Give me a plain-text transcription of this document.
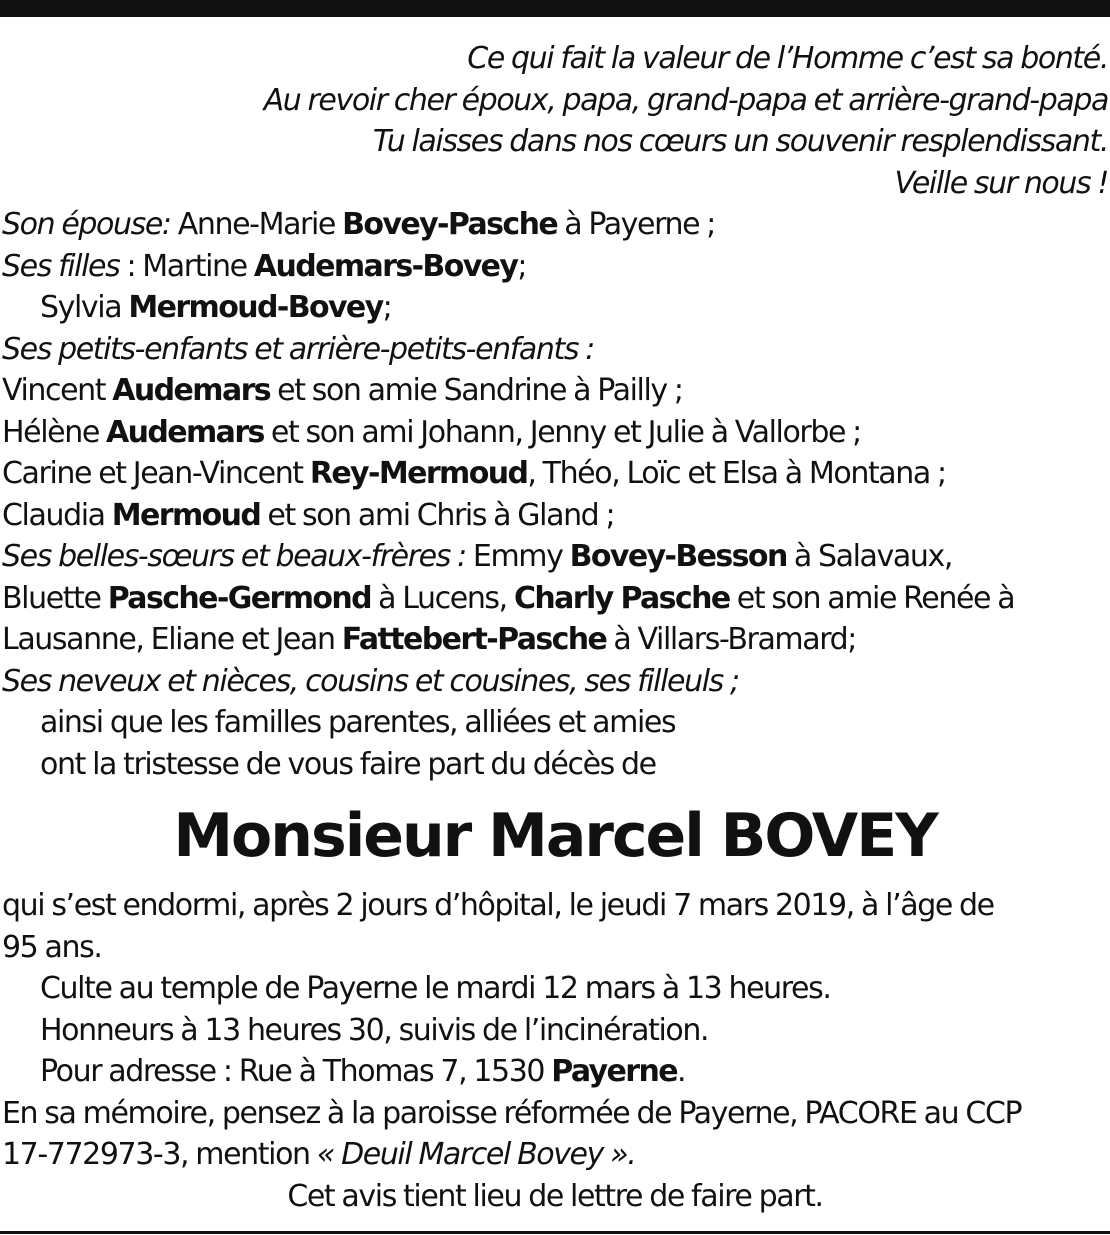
Ce qui fait la valeur de l’Homme c’est sa bonté.

Au revoir cher époux, papa, grand-papa et arrière-grand-papa

Tu laisses dans nos cœurs un souvenir resplendissant.

Veille sur nous !

Son épouse: Anne-Marie Bovey-Pasche à Payerne ;

Ses filles : Martine Audemars-Bovey;

Sylvia Mermoud-Bovey;

Ses petits-enfants et arrière-petits-enfants :

Vincent Audemars et son amie Sandrine à Pailly ;

Hélène Audemars et son ami Johann, Jenny et Julie à Vallorbe ;

Carine et Jean-Vincent Rey-Mermoud, Théo, Loïc et Elsa à Montana ;

Claudia Mermoud et son ami Chris à Gland ;

Ses belles-sœurs et beaux-frères : Emmy Bovey-Besson à Salavaux,

Bluette Pasche-Germond à Lucens, Charly Pasche et son amie Renée à

Lausanne, Eliane et Jean Fattebert-Pasche à Villars-Bramard;

Ses neveux et nièces, cousins et cousines, ses filleuls ;

ainsi que les familles parentes, alliées et amies

ont la tristesse de vous faire part du décès de

Monsieur Marcel BOVEY

qui s’est endormi, après 2 jours d’hôpital, le jeudi 7 mars 2019, à l’âge de

95 ans.

Culte au temple de Payerne le mardi 12 mars à 13 heures.

Honneurs à 13 heures 30, suivis de l’incinération.

Pour adresse : Rue à Thomas 7, 1530 Payerne.

En sa mémoire, pensez à la paroisse réformée de Payerne, PACORE au CCP

17-772973-3, mention « Deuil Marcel Bovey ».

Cet avis tient lieu de lettre de faire part.
